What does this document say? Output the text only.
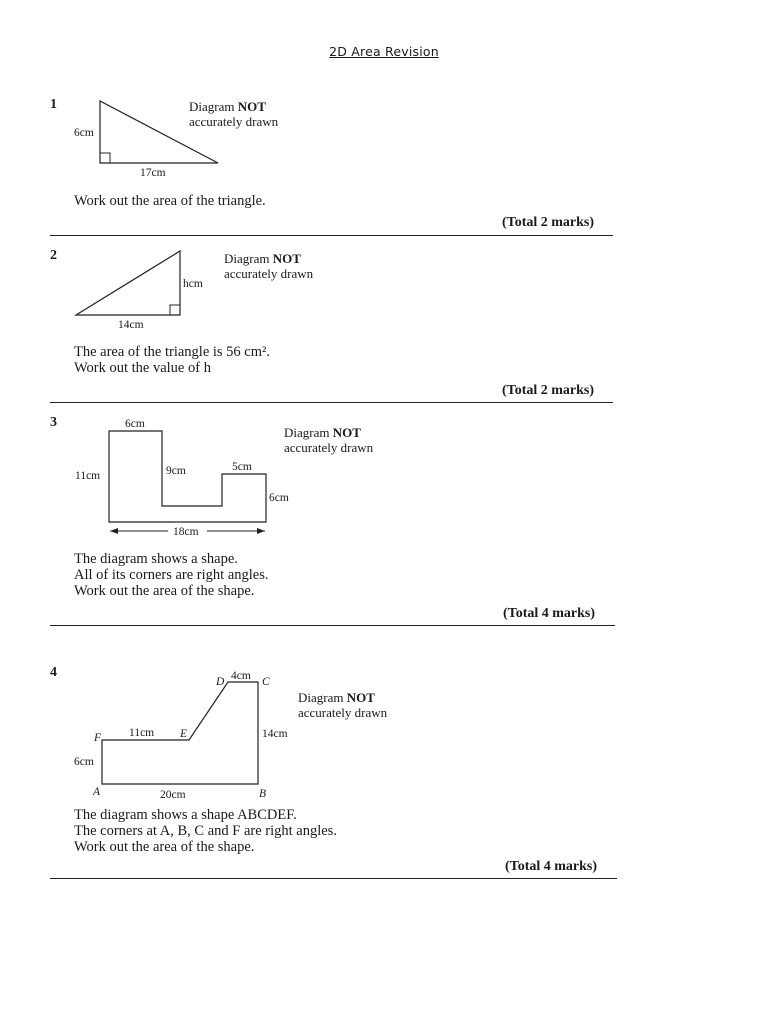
2D Area Revision
1	Diagram NOT
accurately drawn
6cm
17cm
Work out the area of the triangle.
(Total 2 marks)
2	Diagram NOT
accurately drawn
hcm
14cm
The area of the triangle is 56 cm².
Work out the value of h
(Total 2 marks)
3
Diagram NOT
accurately drawn
6cm
11cm	9cm	5cm
6cm
18cm
The diagram shows a shape.
All of its corners are right angles.
Work out the area of the shape.
(Total 4 marks)
4
Diagram NOT
accurately drawn
4cm
14cm
11cm
6cm
20cm
A	B
C
D
E
F
The diagram shows a shape ABCDEF.
The corners at A, B, C and F are right angles.
Work out the area of the shape.
(Total 4 marks)
